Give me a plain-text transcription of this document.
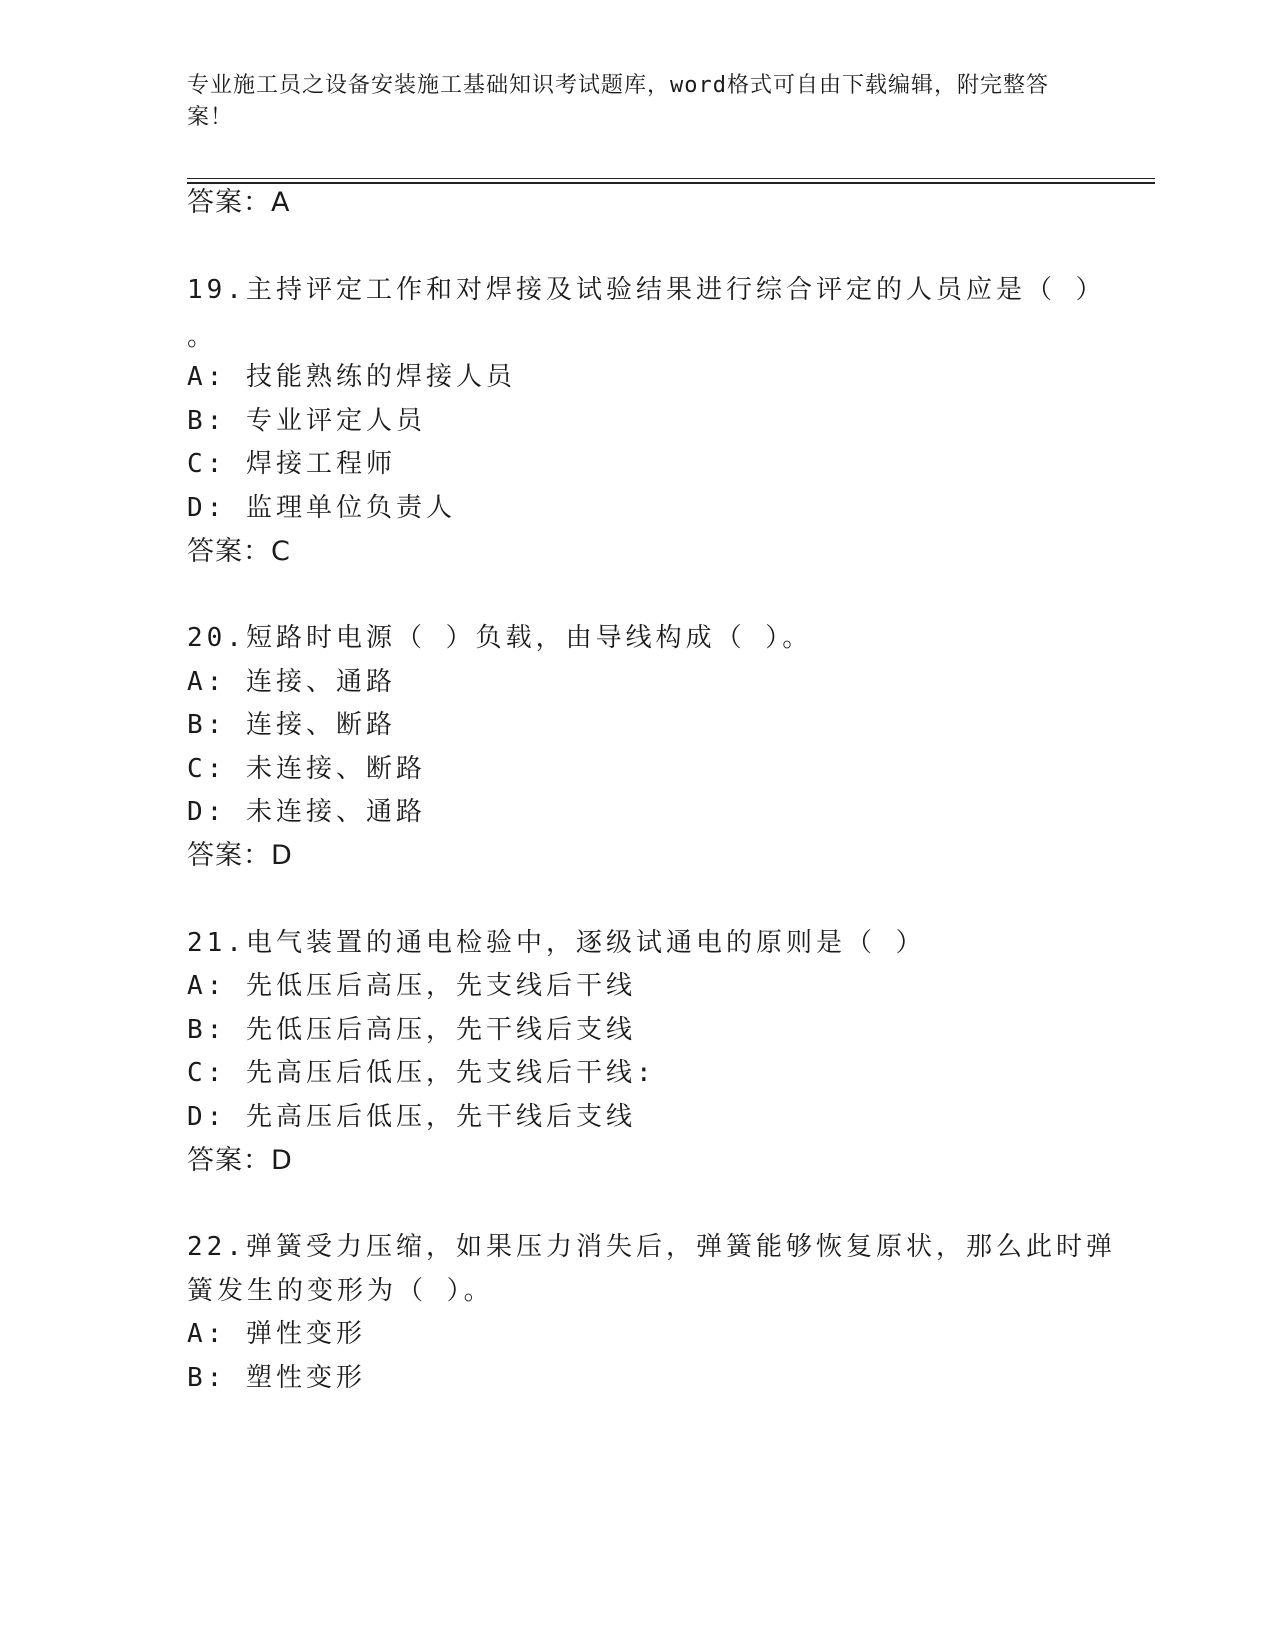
专业施工员之设备安装施工基础知识考试题库，word格式可自由下载编辑，附完整答案！
答案：A
19.主持评定工作和对焊接及试验结果进行综合评定的人员应是（ ）
。
A: 技能熟练的焊接人员
B: 专业评定人员
C: 焊接工程师
D: 监理单位负责人
答案：C
20.短路时电源（ ）负载，由导线构成（ ）。
A: 连接、通路
B: 连接、断路
C: 未连接、断路
D: 未连接、通路
答案：D
21.电气装置的通电检验中，逐级试通电的原则是（ ）
A: 先低压后高压，先支线后干线
B: 先低压后高压，先干线后支线
C: 先高压后低压，先支线后干线:
D: 先高压后低压，先干线后支线
答案：D
22.弹簧受力压缩，如果压力消失后，弹簧能够恢复原状，那么此时弹
簧发生的变形为（ ）。
A: 弹性变形
B: 塑性变形
